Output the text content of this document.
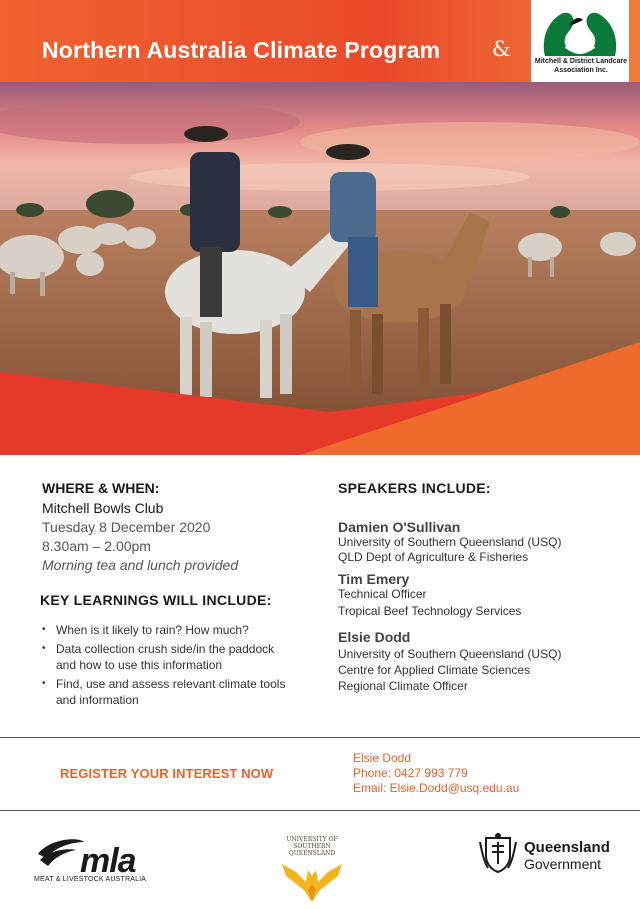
Northern Australia Climate Program &
Mitchell & District Landcare Association Inc.
WHERE & WHEN:
Mitchell Bowls Club
Tuesday 8 December 2020
8.30am – 2.00pm
Morning tea and lunch provided
KEY LEARNINGS WILL INCLUDE:
• When is it likely to rain? How much?
• Data collection crush side/in the paddock and how to use this information
• Find, use and assess relevant climate tools and information
SPEAKERS INCLUDE:
Damien O'Sullivan
University of Southern Queensland (USQ)
QLD Dept of Agriculture & Fisheries
Tim Emery
Technical Officer
Tropical Beef Technology Services
Elsie Dodd
University of Southern Queensland (USQ)
Centre for Applied Climate Sciences
Regional Climate Officer
REGISTER YOUR INTEREST NOW
Elsie Dodd
Phone: 0427 993 779
Email: Elsie.Dodd@usq.edu.au
mla
MEAT & LIVESTOCK AUSTRALIA
UNIVERSITY OF SOUTHERN QUEENSLAND	Queensland
Government
